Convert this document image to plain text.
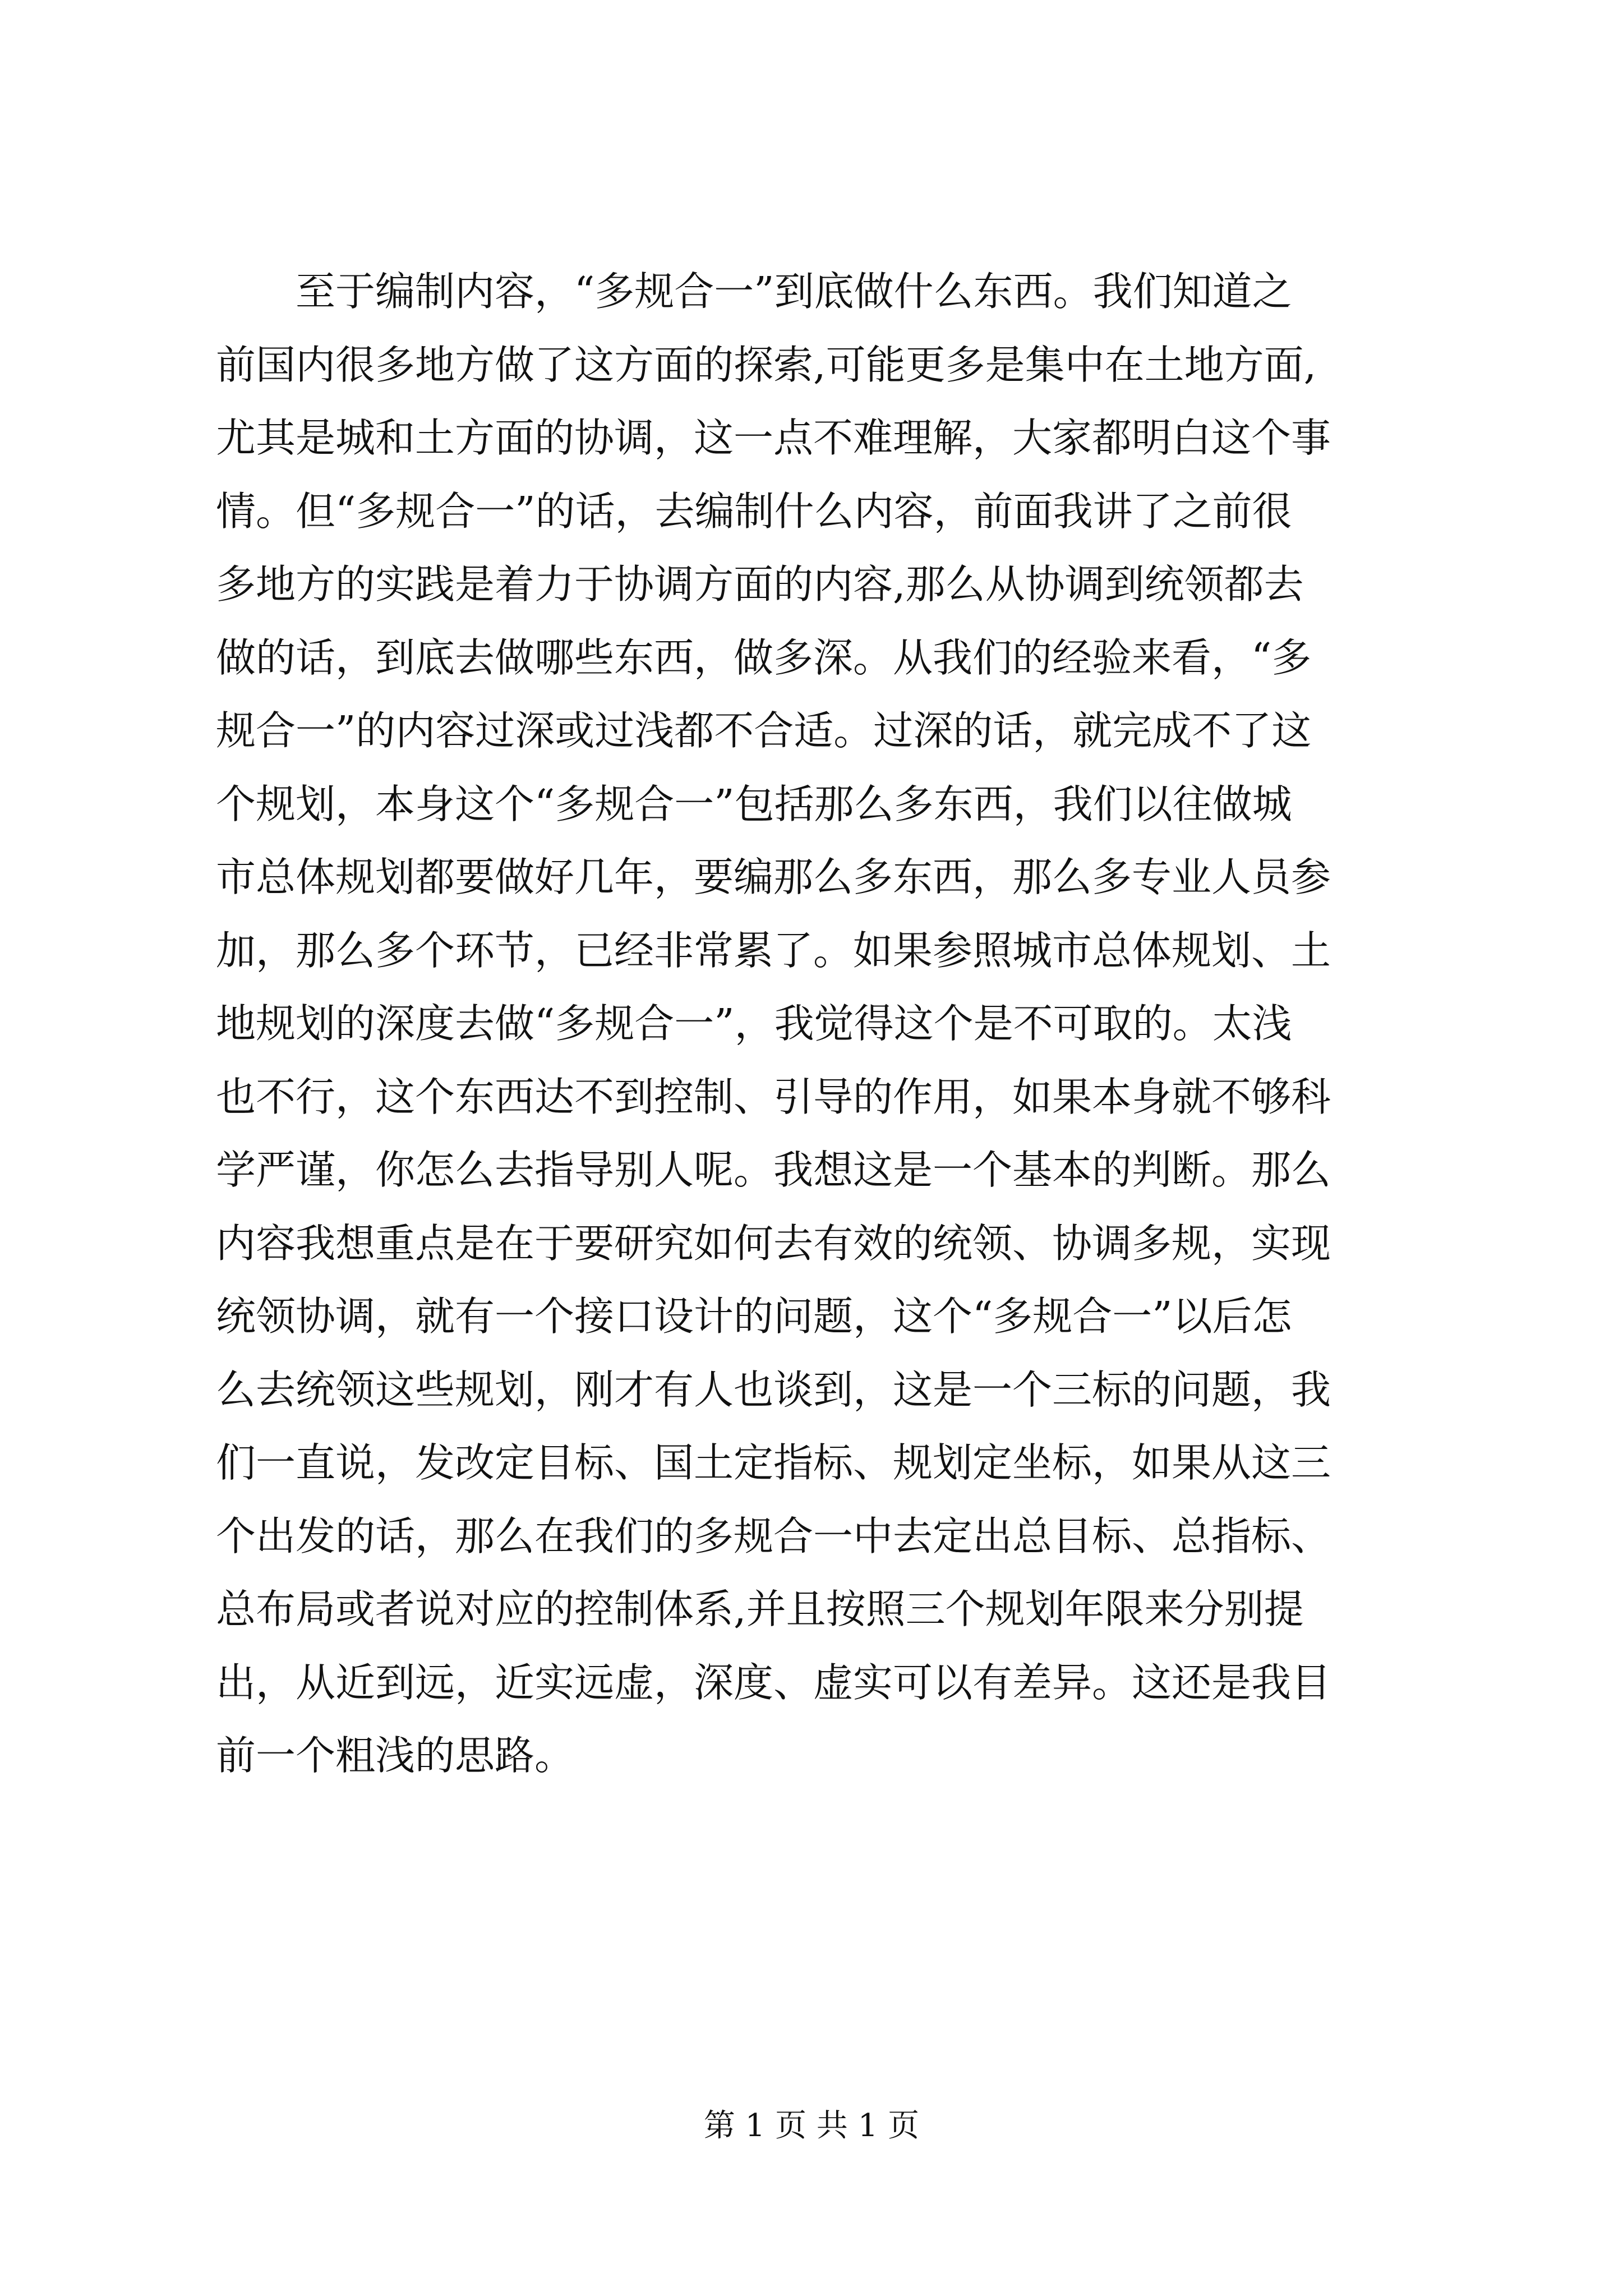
至于编制内容，“多规合一”到底做什么东西。我们知道之
前国内很多地方做了这方面的探索,可能更多是集中在土地方面,
尤其是城和土方面的协调，这一点不难理解，大家都明白这个事
情。但“多规合一”的话，去编制什么内容，前面我讲了之前很
多地方的实践是着力于协调方面的内容,那么从协调到统领都去
做的话，到底去做哪些东西，做多深。从我们的经验来看，“多
规合一”的内容过深或过浅都不合适。过深的话，就完成不了这
个规划，本身这个“多规合一”包括那么多东西，我们以往做城
市总体规划都要做好几年，要编那么多东西，那么多专业人员参
加，那么多个环节，已经非常累了。如果参照城市总体规划、土
地规划的深度去做“多规合一”，我觉得这个是不可取的。太浅
也不行，这个东西达不到控制、引导的作用，如果本身就不够科
学严谨，你怎么去指导别人呢。我想这是一个基本的判断。那么
内容我想重点是在于要研究如何去有效的统领、协调多规，实现
统领协调，就有一个接口设计的问题，这个“多规合一”以后怎
么去统领这些规划，刚才有人也谈到，这是一个三标的问题，我
们一直说，发改定目标、国土定指标、规划定坐标，如果从这三
个出发的话，那么在我们的多规合一中去定出总目标、总指标、
总布局或者说对应的控制体系,并且按照三个规划年限来分别提
出，从近到远，近实远虚，深度、虚实可以有差异。这还是我目
前一个粗浅的思路。
第 1 页 共 1 页
